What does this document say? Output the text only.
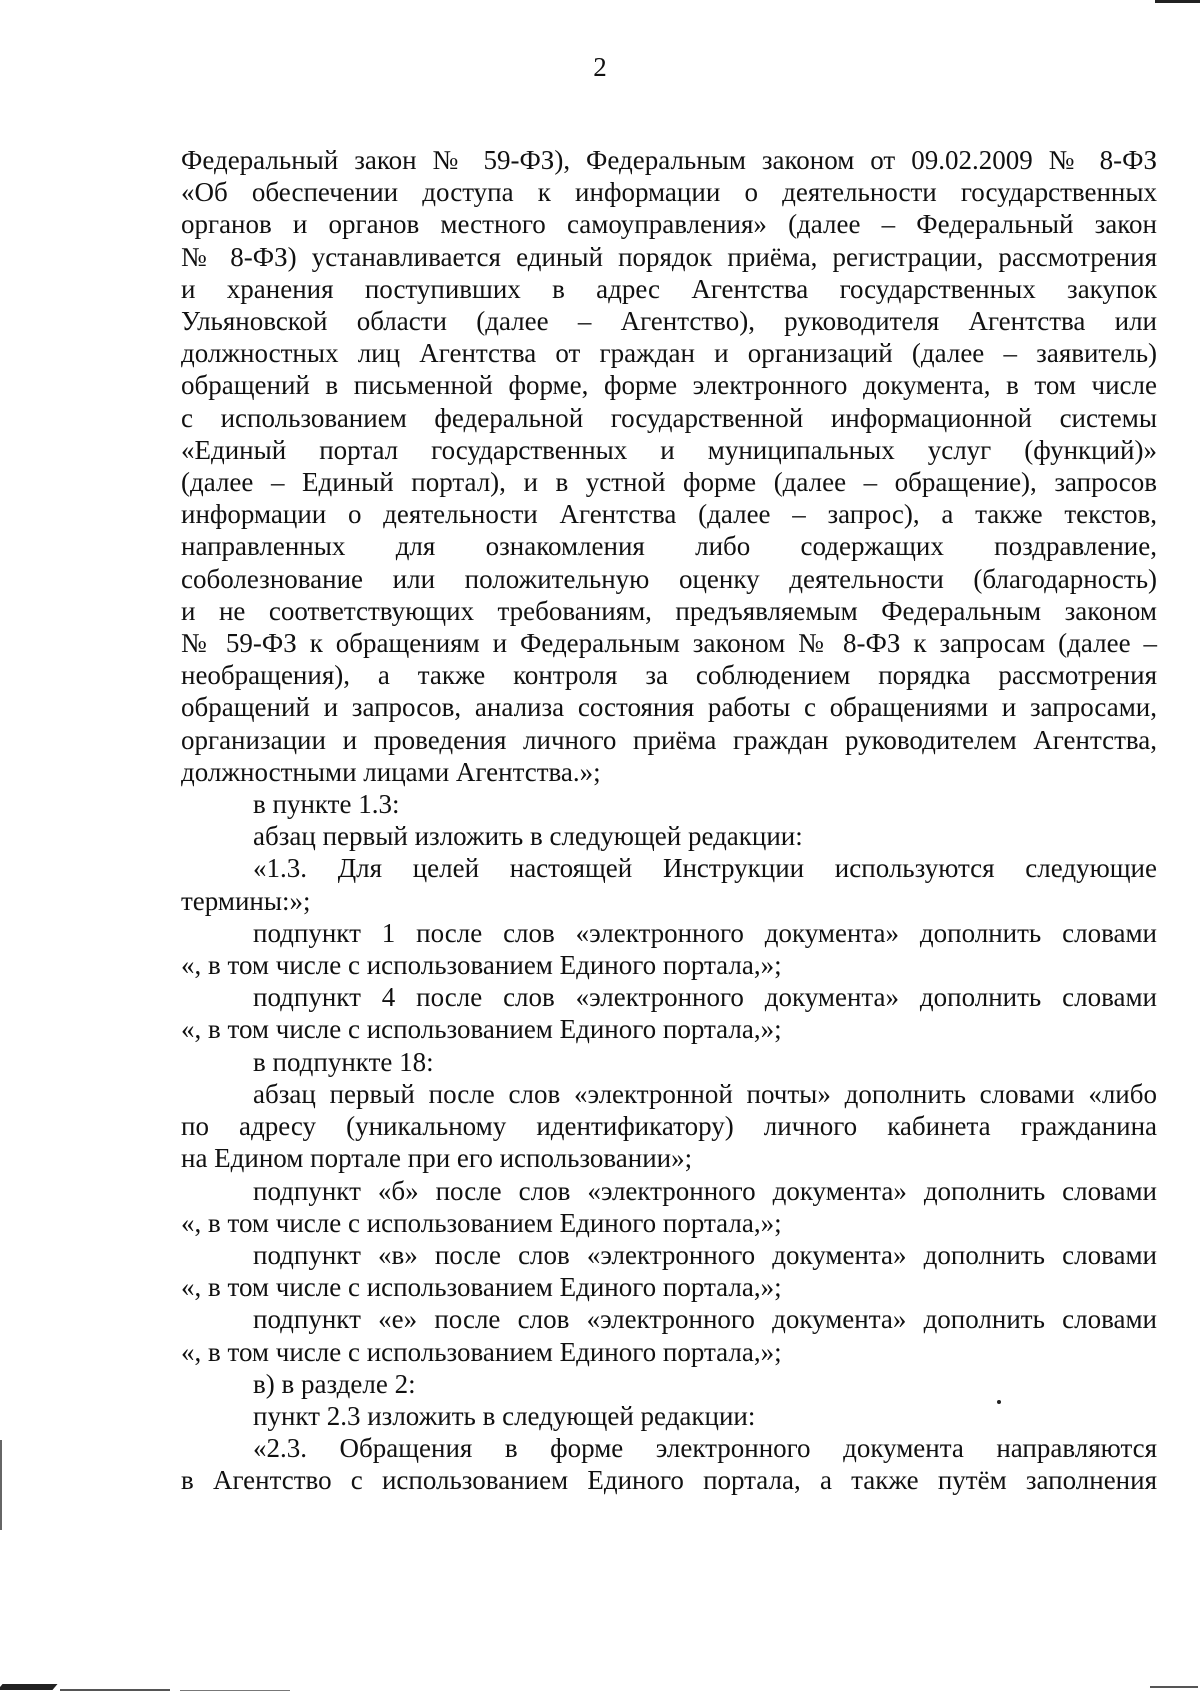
2

Федеральный закон № 59-ФЗ), Федеральным законом от 09.02.2009 № 8-ФЗ

«Об обеспечении доступа к информации о деятельности государственных

органов и органов местного самоуправления» (далее – Федеральный закон

№ 8-ФЗ) устанавливается единый порядок приёма, регистрации, рассмотрения

и хранения поступивших в адрес Агентства государственных закупок

Ульяновской области (далее – Агентство), руководителя Агентства или

должностных лиц Агентства от граждан и организаций (далее – заявитель)

обращений в письменной форме, форме электронного документа, в том числе

с использованием федеральной государственной информационной системы

«Единый портал государственных и муниципальных услуг (функций)»

(далее – Единый портал), и в устной форме (далее – обращение), запросов

информации о деятельности Агентства (далее – запрос), а также текстов,

направленных для ознакомления либо содержащих поздравление,

соболезнование или положительную оценку деятельности (благодарность)

и не соответствующих требованиям, предъявляемым Федеральным законом

№ 59-ФЗ к обращениям и Федеральным законом № 8-ФЗ к запросам (далее –

необращения), а также контроля за соблюдением порядка рассмотрения

обращений и запросов, анализа состояния работы с обращениями и запросами,

организации и проведения личного приёма граждан руководителем Агентства,

должностными лицами Агентства.»;

в пункте 1.3:

абзац первый изложить в следующей редакции:

«1.3. Для целей настоящей Инструкции используются следующие

термины:»;

подпункт 1 после слов «электронного документа» дополнить словами

«, в том числе с использованием Единого портала,»;

подпункт 4 после слов «электронного документа» дополнить словами

«, в том числе с использованием Единого портала,»;

в подпункте 18:

абзац первый после слов «электронной почты» дополнить словами «либо

по адресу (уникальному идентификатору) личного кабинета гражданина

на Едином портале при его использовании»;

подпункт «б» после слов «электронного документа» дополнить словами

«, в том числе с использованием Единого портала,»;

подпункт «в» после слов «электронного документа» дополнить словами

«, в том числе с использованием Единого портала,»;

подпункт «е» после слов «электронного документа» дополнить словами

«, в том числе с использованием Единого портала,»;

в) в разделе 2:

пункт 2.3 изложить в следующей редакции:

«2.3. Обращения в форме электронного документа направляются

в Агентство с использованием Единого портала, а также путём заполнения
